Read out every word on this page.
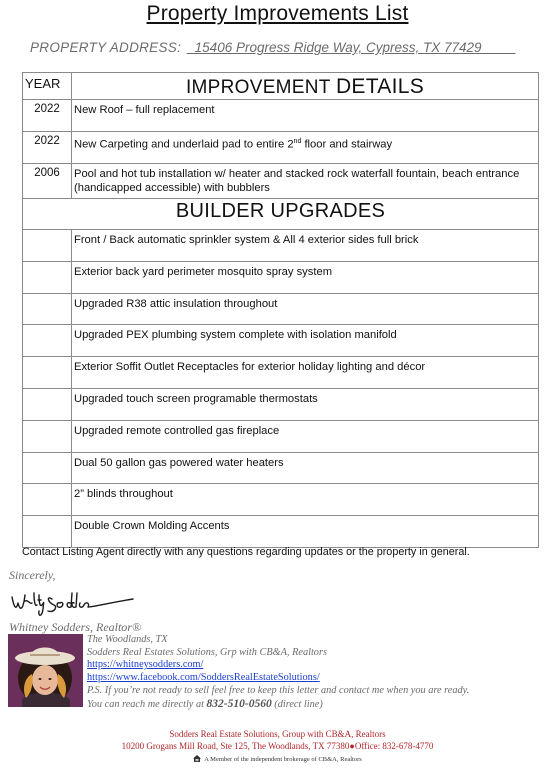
Property Improvements List
PROPERTY ADDRESS: _15406 Progress Ridge Way, Cypress, TX 77429
YEAR	IMPROVEMENT DETAILS
2022	New Roof – full replacement
2022	New Carpeting and underlaid pad to entire 2nd floor and stairway
2006	Pool and hot tub installation w/ heater and stacked rock waterfall fountain, beach entrance (handicapped accessible) with bubblers
BUILDER UPGRADES	
	Front / Back automatic sprinkler system & All 4 exterior sides full brick
	Exterior back yard perimeter mosquito spray system
	Upgraded R38 attic insulation throughout
	Upgraded PEX plumbing system complete with isolation manifold
	Exterior Soffit Outlet Receptacles for exterior holiday lighting and décor
	Upgraded touch screen programable thermostats
	Upgraded remote controlled gas fireplace
	Dual 50 gallon gas powered water heaters
	2” blinds throughout
	Double Crown Molding Accents
Contact Listing Agent directly with any questions regarding updates or the property in general.
Sincerely,
Whitney Sodders, Realtor®
The Woodlands, TX
Sodders Real Estates Solutions, Grp with CB&A, Realtors
https://whitneysodders.com/
https://www.facebook.com/SoddersRealEstateSolutions/
P.S. If you’re not ready to sell feel free to keep this letter and contact me when you are ready.
You can reach me directly at 832-510-0560 (direct line)
Sodders Real Estate Solutions, Group with CB&A, Realtors
10200 Grogans Mill Road, Ste 125, The Woodlands, TX 77380●Office: 832-678-4770
A Member of the independent brokerage of CB&A, Realtors
